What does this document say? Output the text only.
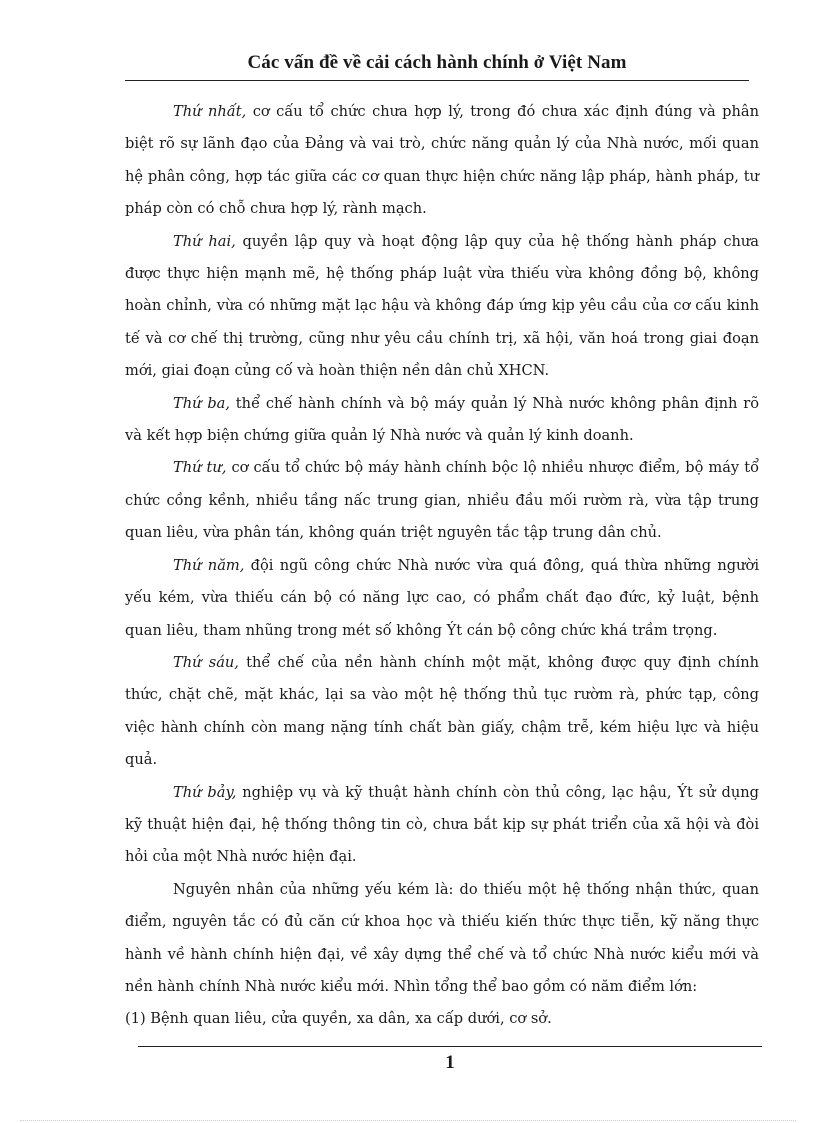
Các vấn đề về cải cách hành chính ở Việt Nam

Thứ nhất, cơ cấu tổ chức chưa hợp lý, trong đó chưa xác định đúng và phân biệt rõ sự lãnh đạo của Đảng và vai trò, chức năng quản lý của Nhà nước, mối quan hệ phân công, hợp tác giữa các cơ quan thực hiện chức năng lập pháp, hành pháp, tư pháp còn có chỗ chưa hợp lý, rành mạch.

Thứ hai, quyền lập quy và hoạt động lập quy của hệ thống hành pháp chưa được thực hiện mạnh mẽ, hệ thống pháp luật vừa thiếu vừa không đồng bộ, không hoàn chỉnh, vừa có những mặt lạc hậu và không đáp ứng kịp yêu cầu của cơ cấu kinh tế và cơ chế thị trường, cũng như yêu cầu chính trị, xã hội, văn hoá trong giai đoạn mới, giai đoạn củng cố và hoàn thiện nền dân chủ XHCN.

Thứ ba, thể chế hành chính và bộ máy quản lý Nhà nước không phân định rõ và kết hợp biện chứng giữa quản lý Nhà nước và quản lý kinh doanh.

Thứ tư, cơ cấu tổ chức bộ máy hành chính bộc lộ nhiều nhược điểm, bộ máy tổ chức cồng kềnh, nhiều tầng nấc trung gian, nhiều đầu mối rườm rà, vừa tập trung quan liêu, vừa phân tán, không quán triệt nguyên tắc tập trung dân chủ.

Thứ năm, đội ngũ công chức Nhà nước vừa quá đông, quá thừa những người yếu kém, vừa thiếu cán bộ có năng lực cao, có phẩm chất đạo đức, kỷ luật, bệnh quan liêu, tham nhũng trong mét số không Ýt cán bộ công chức khá trầm trọng.

Thứ sáu, thể chế của nền hành chính một mặt, không được quy định chính thức, chặt chẽ, mặt khác, lại sa vào một hệ thống thủ tục rườm rà, phức tạp, công việc hành chính còn mang nặng tính chất bàn giấy, chậm trễ, kém hiệu lực và hiệu quả.

Thứ bảy, nghiệp vụ và kỹ thuật hành chính còn thủ công, lạc hậu, Ýt sử dụng kỹ thuật hiện đại, hệ thống thông tin cò, chưa bắt kịp sự phát triển của xã hội và đòi hỏi của một Nhà nước hiện đại.

Nguyên nhân của những yếu kém là: do thiếu một hệ thống nhận thức, quan điểm, nguyên tắc có đủ căn cứ khoa học và thiếu kiến thức thực tiễn, kỹ năng thực hành về hành chính hiện đại, về xây dựng thể chế và tổ chức Nhà nước kiểu mới và nền hành chính Nhà nước kiểu mới. Nhìn tổng thể bao gồm có năm điểm lớn:

(1) Bệnh quan liêu, cửa quyền, xa dân, xa cấp dưới, cơ sở.

1
